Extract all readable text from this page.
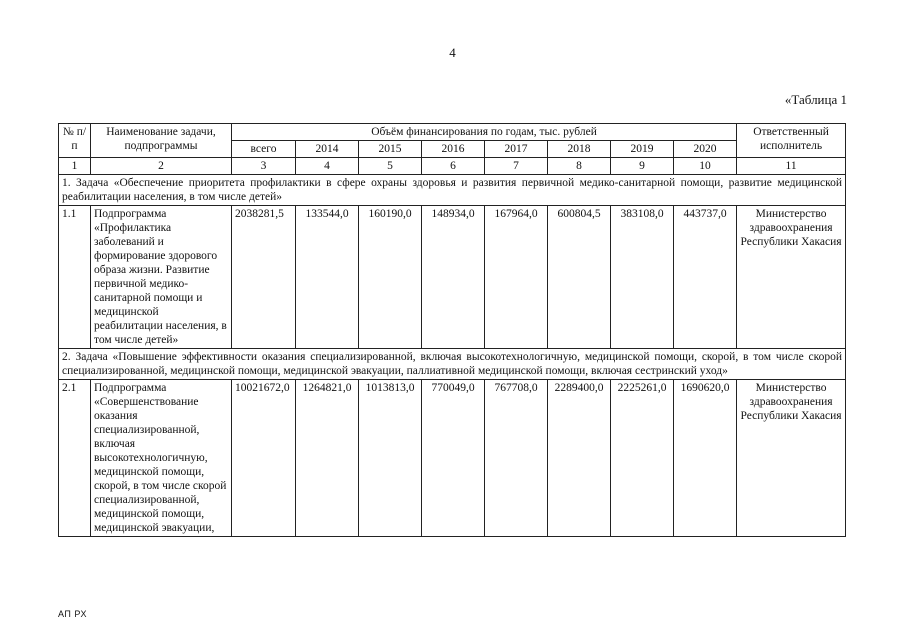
4
«Таблица 1
№ п/п	Наименование задачи, подпрограммы	Объём финансирования по годам, тыс. рублей								Ответственный исполнитель
		всего	2014	2015	2016	2017	2018	2019	2020	
1	2	3	4	5	6	7	8	9	10	11
1. Задача «Обеспечение приоритета профилактики в сфере охраны здоровья и развития первичной медико-санитарной помощи, развитие медицинской реабилитации населения, в том числе детей»										
1.1	Подпрограмма «Профилактика заболеваний и формирование здорового образа жизни. Развитие первичной медико-санитарной помощи и медицинской реабилитации населения, в том числе детей»	2038281,5	133544,0	160190,0	148934,0	167964,0	600804,5	383108,0	443737,0	Министерство здравоохранения Республики Хакасия
2. Задача «Повышение эффективности оказания специализированной, включая высокотехнологичную, медицинской помощи, скорой, в том числе скорой специализированной, медицинской помощи, медицинской эвакуации, паллиативной медицинской помощи, включая сестринский уход»										
2.1	Подпрограмма «Совершенствование оказания специализированной, включая высокотехнологичную, медицинской помощи, скорой, в том числе скорой специализированной, медицинской помощи, медицинской эвакуации,	10021672,0	1264821,0	1013813,0	770049,0	767708,0	2289400,0	2225261,0	1690620,0	Министерство здравоохранения Республики Хакасия
АП РХ
